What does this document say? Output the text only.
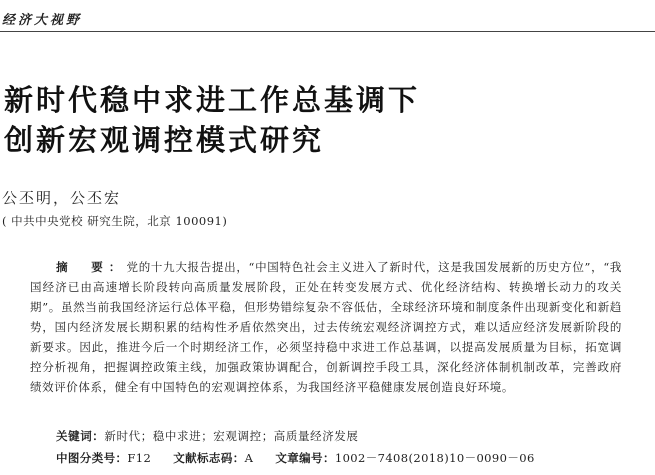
经济大视野
新时代稳中求进工作总基调下
创新宏观调控模式研究
公丕明，公丕宏
( 中共中央党校 研究生院，北京 100091)
摘　要：党的十九大报告提出，“中国特色社会主义进入了新时代，这是我国发展新的历史方位”，“我国经济已由高速增长阶段转向高质量发展阶段，正处在转变发展方式、优化经济结构、转换增长动力的攻关期”。虽然当前我国经济运行总体平稳，但形势错综复杂不容低估，全球经济环境和制度条件出现新变化和新趋势，国内经济发展长期积累的结构性矛盾依然突出，过去传统宏观经济调控方式，难以适应经济发展新阶段的新要求。因此，推进今后一个时期经济工作，必须坚持稳中求进工作总基调，以提高发展质量为目标，拓宽调控分析视角，把握调控政策主线，加强政策协调配合，创新调控手段工具，深化经济体制机制改革，完善政府绩效评价体系，健全有中国特色的宏观调控体系，为我国经济平稳健康发展创造良好环境。
关键词：新时代；稳中求进；宏观调控；高质量经济发展
中图分类号：F12 文献标志码：A 文章编号：1002－7408(2018)10－0090－06
